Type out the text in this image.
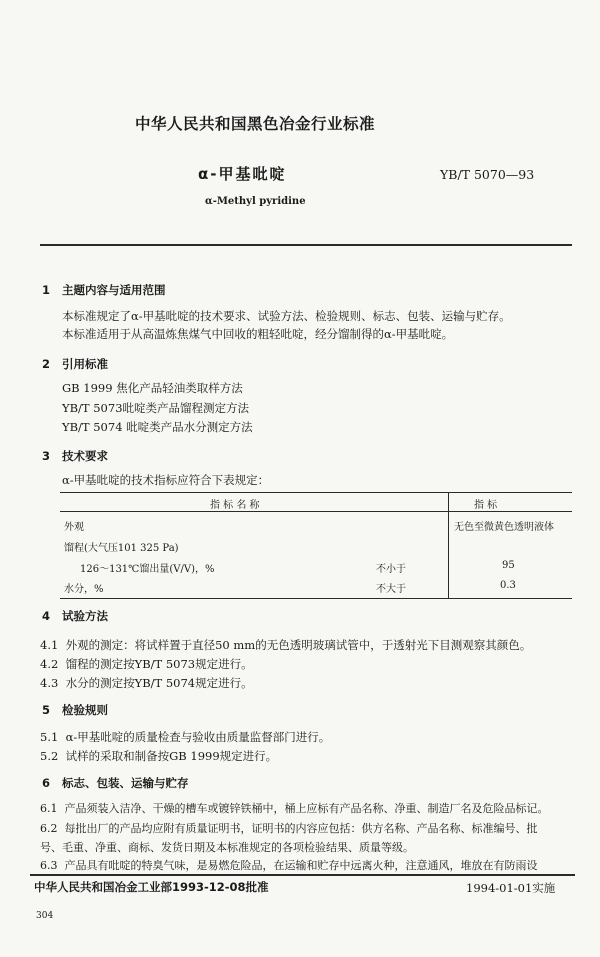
中华人民共和国黑色冶金行业标准
α-甲基吡啶	YB/T 5070—93
α-Methyl pyridine
1 主题内容与适用范围
本标准规定了α-甲基吡啶的技术要求、试验方法、检验规则、标志、包装、运输与贮存。
本标准适用于从高温炼焦煤气中回收的粗轻吡啶，经分馏制得的α-甲基吡啶。
2 引用标准
GB 1999 焦化产品轻油类取样方法
YB/T 5073吡啶类产品馏程测定方法
YB/T 5074 吡啶类产品水分测定方法
3 技术要求
α-甲基吡啶的技术指标应符合下表规定：
指 标 名 称	指 标
外观	无色至微黄色透明液体
馏程(大气压101 325 Pa)
126～131℃馏出量(V/V)，%	不小于	95
水分，%	不大于	0.3
4 试验方法
4.1 外观的测定：将试样置于直径50 mm的无色透明玻璃试管中，于透射光下目测观察其颜色。
4.2 馏程的测定按YB/T 5073规定进行。
4.3 水分的测定按YB/T 5074规定进行。
5 检验规则
5.1 α-甲基吡啶的质量检查与验收由质量监督部门进行。
5.2 试样的采取和制备按GB 1999规定进行。
6 标志、包装、运输与贮存
6.1 产品须装入洁净、干燥的槽车或镀锌铁桶中，桶上应标有产品名称、净重、制造厂名及危险品标记。
6.2 每批出厂的产品均应附有质量证明书，证明书的内容应包括：供方名称、产品名称、标准编号、批
号、毛重、净重、商标、发货日期及本标准规定的各项检验结果、质量等级。
6.3 产品具有吡啶的特臭气味，是易燃危险品，在运输和贮存中远离火种，注意通风，堆放在有防雨设
中华人民共和国冶金工业部1993-12-08批准	1994-01-01实施
304
